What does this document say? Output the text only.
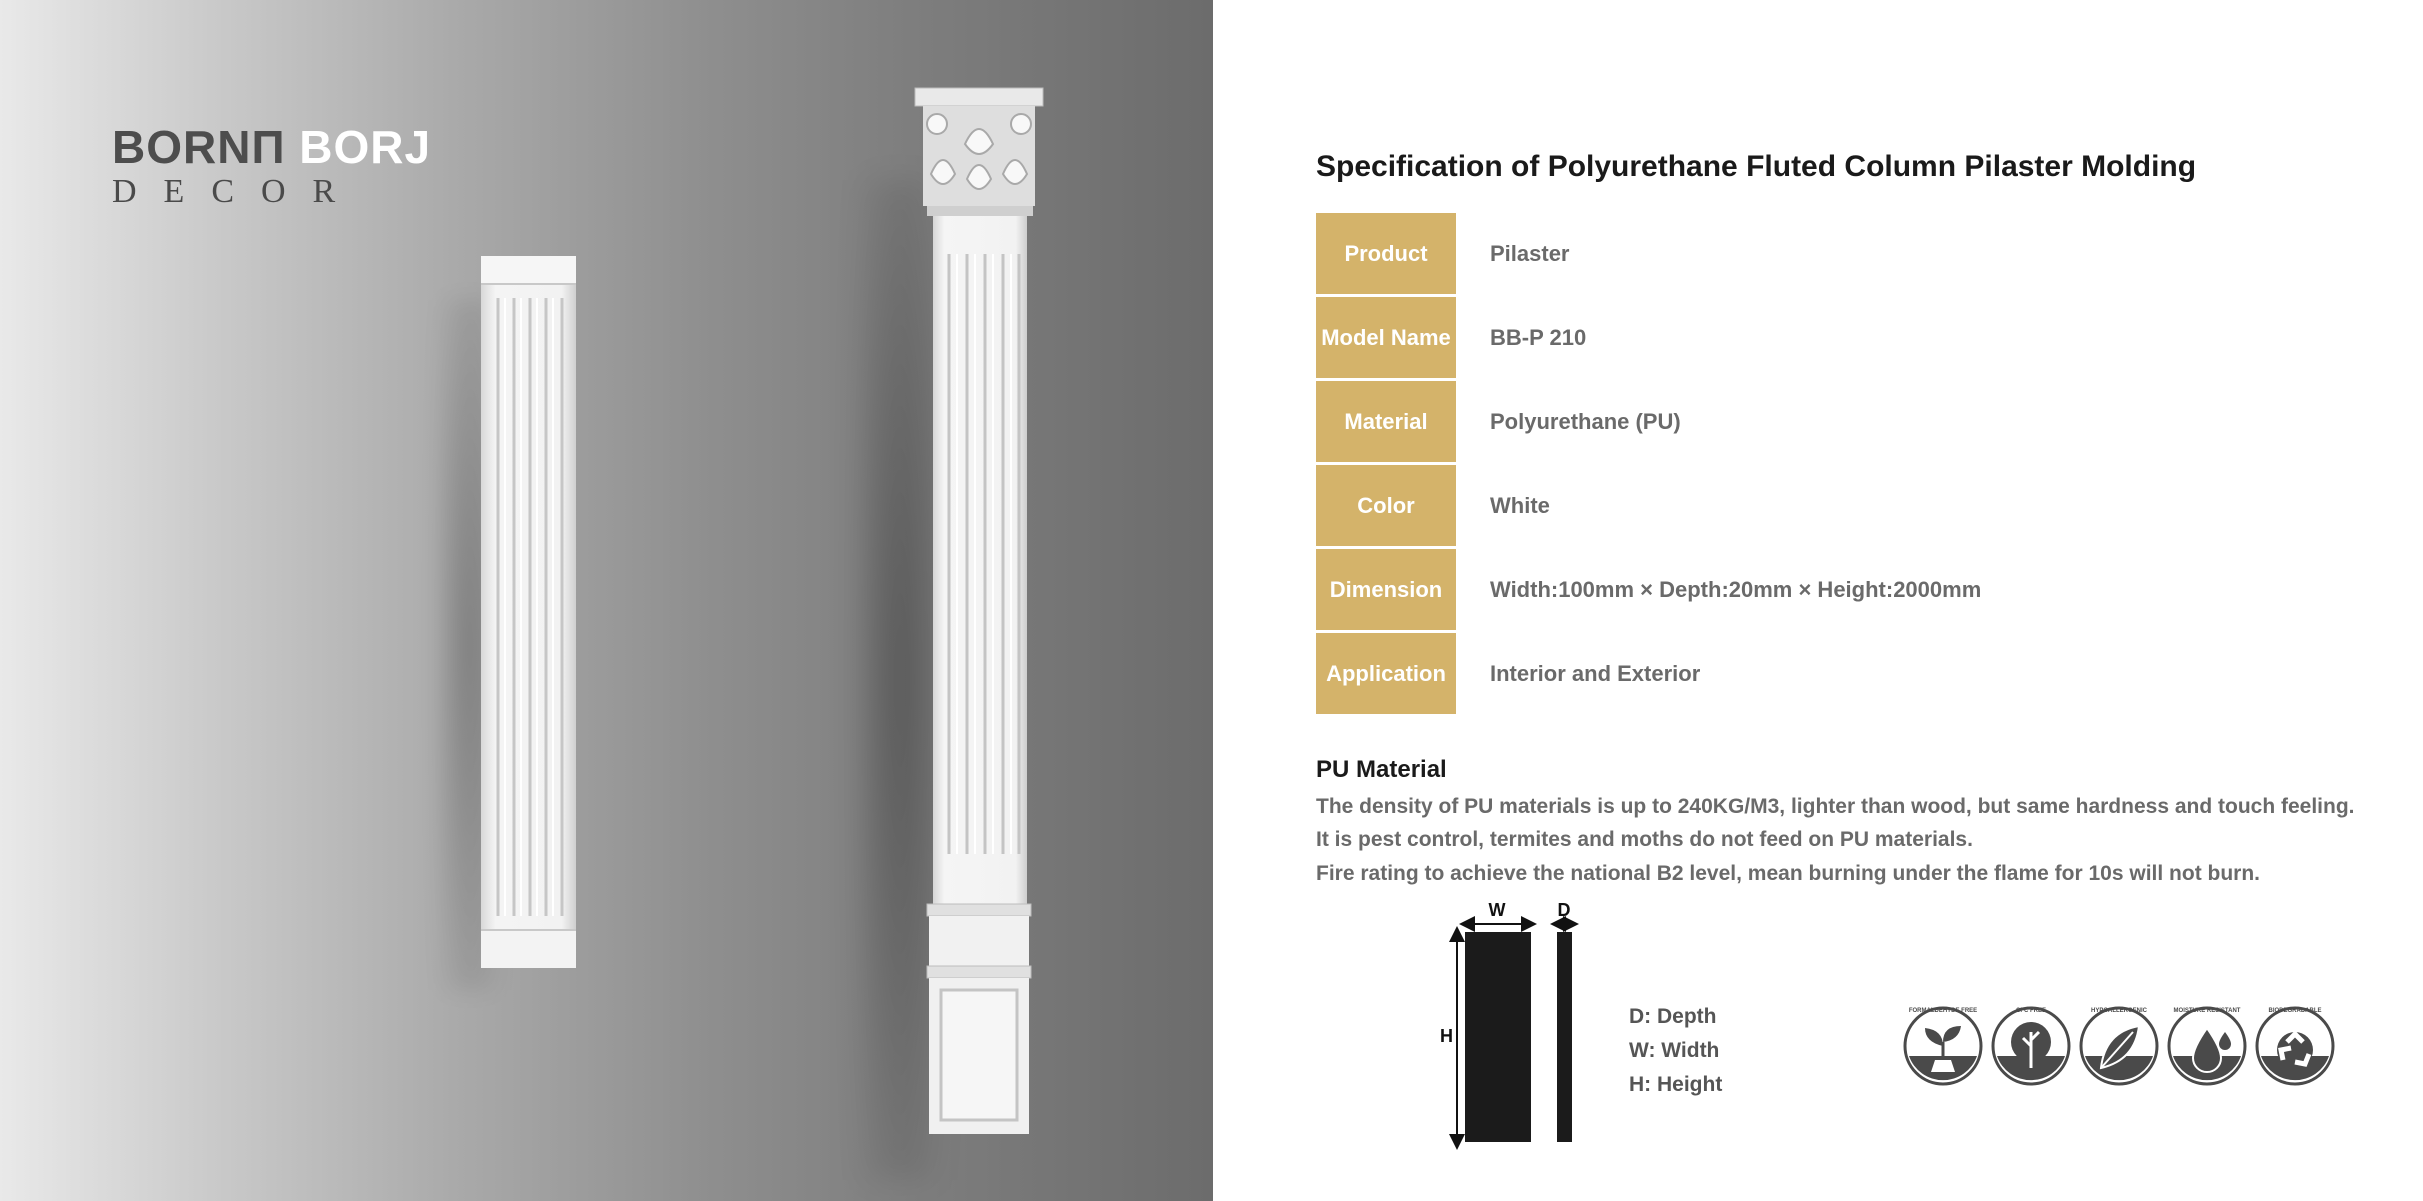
BORNП BORJ
DECOR
Specification of Polyurethane Fluted Column Pilaster Molding
Product	Pilaster
Model Name	BB-P 210
Material	Polyurethane (PU)
Color	White
Dimension	Width:100mm × Depth:20mm × Height:2000mm
Application	Interior and Exterior
PU Material
The density of PU materials is up to 240KG/M3, lighter than wood, but same hardness and touch feeling.
It is pest control, termites and moths do not feed on PU materials.
Fire rating to achieve the national B2 level, mean burning under the flame for 10s will not burn.
W	D
H
D: Depth
W: Width
H: Height
FORMALDEHYDE FREE	CFC FREE	HYPOALLERGENIC	MOISTURE RESISTANT	BIODEGRADABLE
